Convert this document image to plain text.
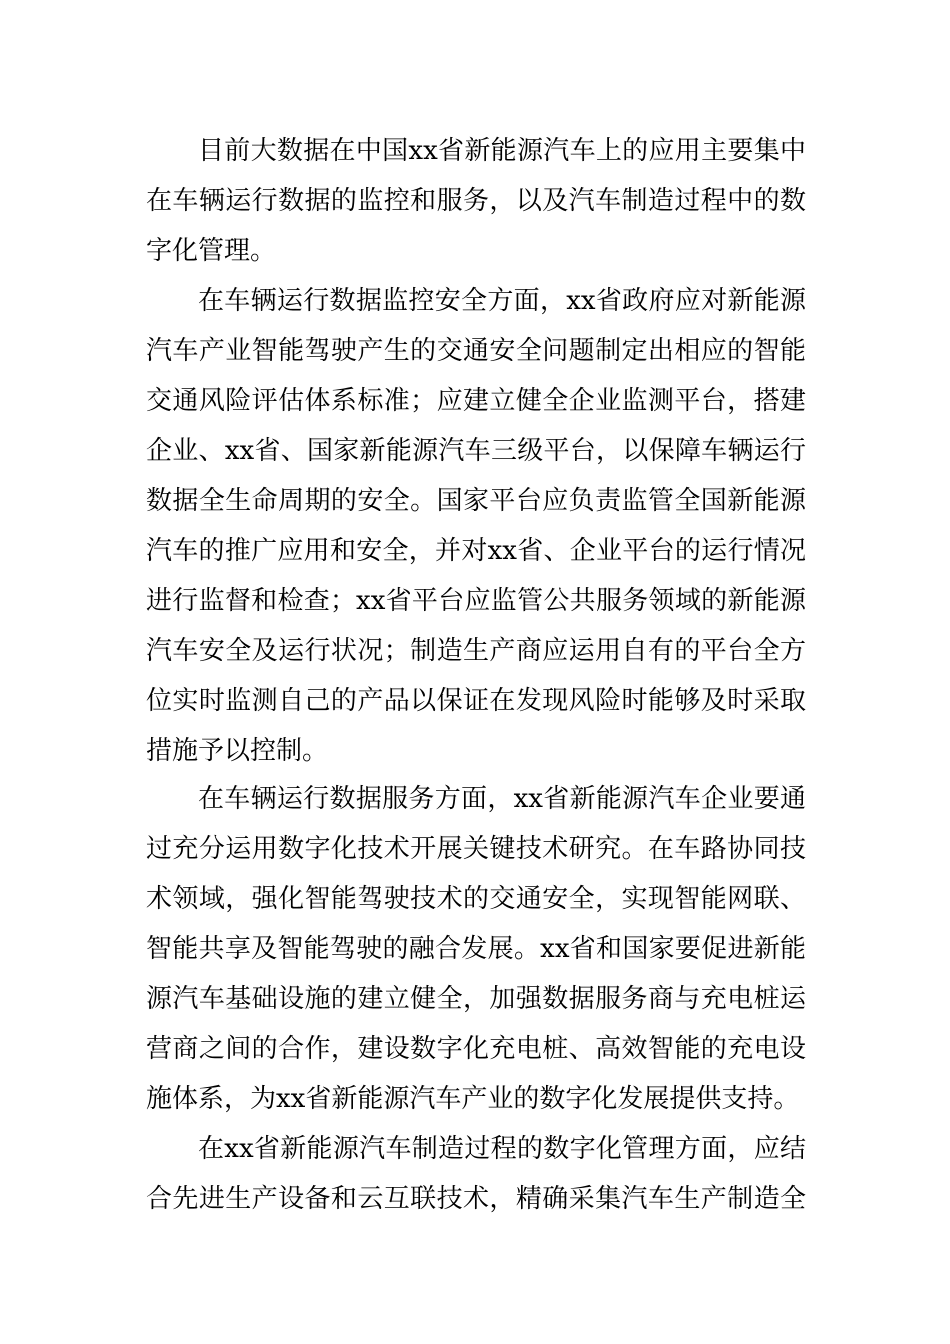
目前大数据在中国xx省新能源汽车上的应用主要集中
在车辆运行数据的监控和服务，以及汽车制造过程中的数
字化管理。
在车辆运行数据监控安全方面，xx省政府应对新能源
汽车产业智能驾驶产生的交通安全问题制定出相应的智能
交通风险评估体系标准；应建立健全企业监测平台，搭建
企业、xx省、国家新能源汽车三级平台，以保障车辆运行
数据全生命周期的安全。国家平台应负责监管全国新能源
汽车的推广应用和安全，并对xx省、企业平台的运行情况
进行监督和检查；xx省平台应监管公共服务领域的新能源
汽车安全及运行状况；制造生产商应运用自有的平台全方
位实时监测自己的产品以保证在发现风险时能够及时采取
措施予以控制。
在车辆运行数据服务方面，xx省新能源汽车企业要通
过充分运用数字化技术开展关键技术研究。在车路协同技
术领域，强化智能驾驶技术的交通安全，实现智能网联、
智能共享及智能驾驶的融合发展。xx省和国家要促进新能
源汽车基础设施的建立健全，加强数据服务商与充电桩运
营商之间的合作，建设数字化充电桩、高效智能的充电设
施体系，为xx省新能源汽车产业的数字化发展提供支持。
在xx省新能源汽车制造过程的数字化管理方面，应结
合先进生产设备和云互联技术，精确采集汽车生产制造全
